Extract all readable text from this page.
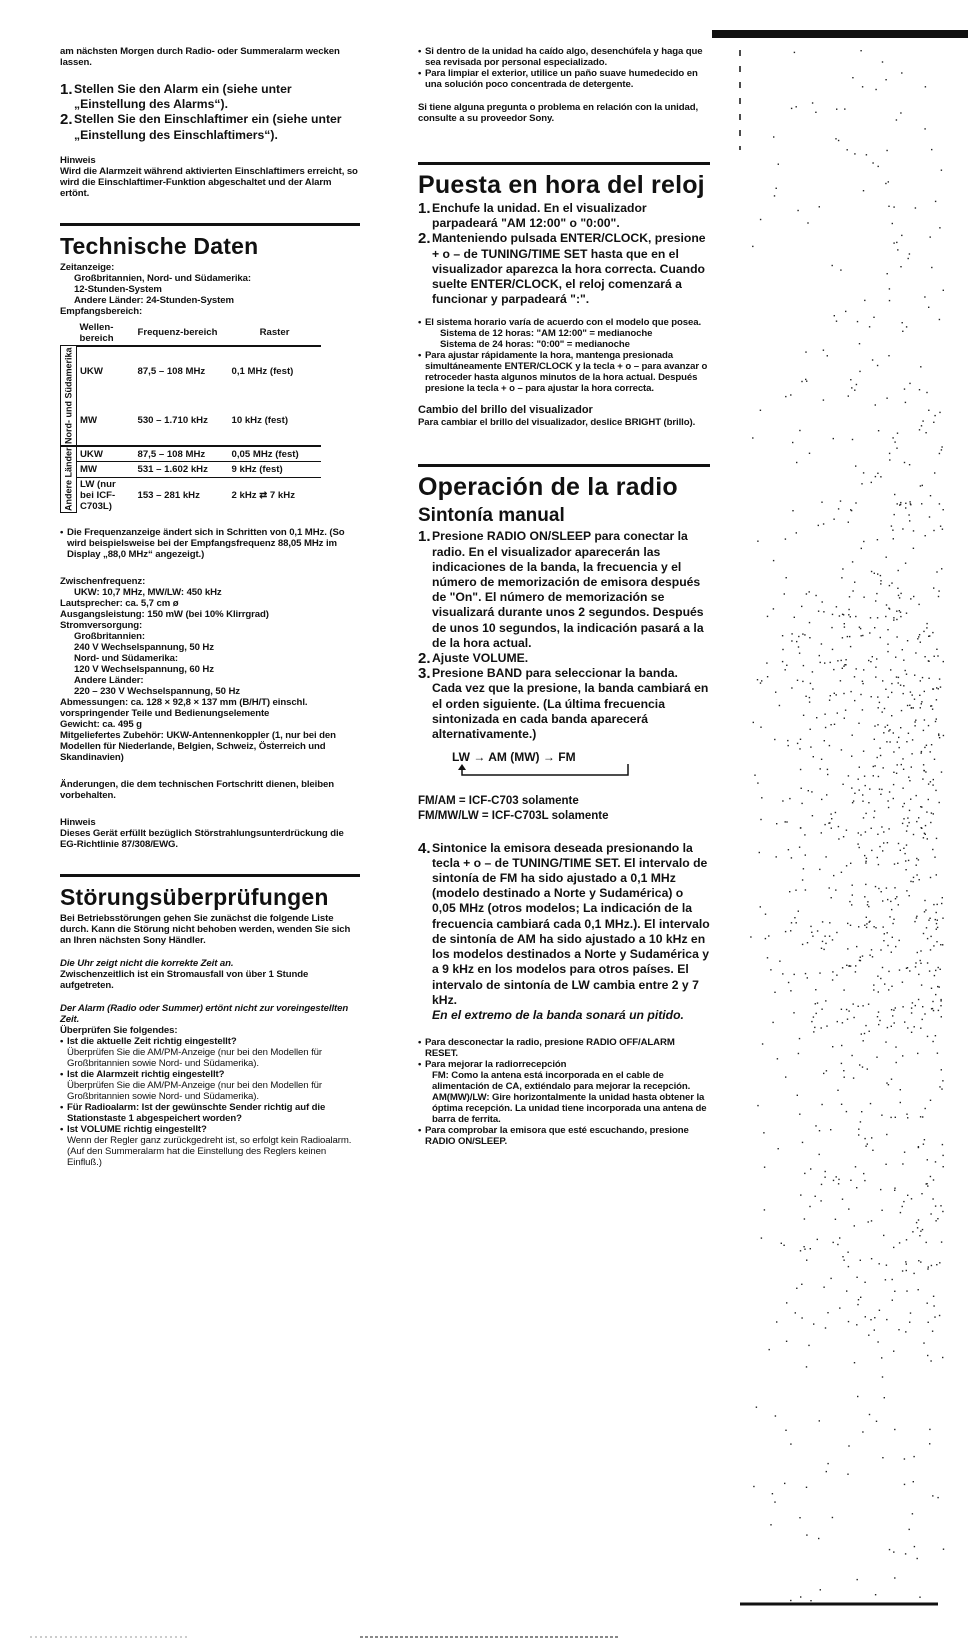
am nächsten Morgen durch Radio- oder Summeralarm wecken lassen.
1. Stellen Sie den Alarm ein (siehe unter „Einstellung des Alarms“).
2. Stellen Sie den Einschlaftimer ein (siehe unter „Einstellung des Einschlaftimers“).
Hinweis
Wird die Alarmzeit während aktivierten Einschlaftimers erreicht, so wird die Einschlaftimer-Funktion abgeschaltet und der Alarm ertönt.
Technische Daten
Zeitanzeige:
Großbritannien, Nord- und Südamerika:
12-Stunden-System
Andere Länder: 24-Stunden-System
Empfangsbereich:
	Wellen-bereich	Frequenz-bereich	Raster
Nord- und Südamerika	UKW	87,5 – 108 MHz	0,1 MHz (fest)
	MW	530 – 1.710 kHz	10 kHz (fest)
Andere Länder	UKW	87,5 – 108 MHz	0,05 MHz (fest)
	MW	531 – 1.602 kHz	9 kHz (fest)
	LW (nur bei ICF-C703L)	153 – 281 kHz	2 kHz ⇄ 7 kHz
• Die Frequenzanzeige ändert sich in Schritten von 0,1 MHz. (So wird beispielsweise bei der Empfangsfrequenz 88,05 MHz im Display „88,0 MHz“ angezeigt.)
Zwischenfrequenz:
UKW: 10,7 MHz, MW/LW: 450 kHz
Lautsprecher: ca. 5,7 cm ø
Ausgangsleistung: 150 mW (bei 10% Klirrgrad)
Stromversorgung:
Großbritannien:
240 V Wechselspannung, 50 Hz
Nord- und Südamerika:
120 V Wechselspannung, 60 Hz
Andere Länder:
220 – 230 V Wechselspannung, 50 Hz
Abmessungen: ca. 128 × 92,8 × 137 mm (B/H/T) einschl. vorspringender Teile und Bedienungselemente
Gewicht: ca. 495 g
Mitgeliefertes Zubehör: UKW-Antennenkoppler (1, nur bei den Modellen für Niederlande, Belgien, Schweiz, Österreich und Skandinavien)
Änderungen, die dem technischen Fortschritt dienen, bleiben vorbehalten.
Hinweis
Dieses Gerät erfüllt bezüglich Störstrahlungsunterdrückung die EG-Richtlinie 87/308/EWG.
Störungsüberprüfungen
Bei Betriebsstörungen gehen Sie zunächst die folgende Liste durch. Kann die Störung nicht behoben werden, wenden Sie sich an Ihren nächsten Sony Händler.
Die Uhr zeigt nicht die korrekte Zeit an.
Zwischenzeitlich ist ein Stromausfall von über 1 Stunde aufgetreten.
Der Alarm (Radio oder Summer) ertönt nicht zur voreingestellten Zeit.
Überprüfen Sie folgendes:
• Ist die aktuelle Zeit richtig eingestellt?
Überprüfen Sie die AM/PM-Anzeige (nur bei den Modellen für Großbritannien sowie Nord- und Südamerika).
• Ist die Alarmzeit richtig eingestellt?
Überprüfen Sie die AM/PM-Anzeige (nur bei den Modellen für Großbritannien sowie Nord- und Südamerika).
• Für Radioalarm: Ist der gewünschte Sender richtig auf die Stationstaste 1 abgespeichert worden?
• Ist VOLUME richtig eingestellt?
Wenn der Regler ganz zurückgedreht ist, so erfolgt kein Radioalarm. (Auf den Summeralarm hat die Einstellung des Reglers keinen Einfluß.)
• Si dentro de la unidad ha caído algo, desenchúfela y haga que sea revisada por personal especializado.
• Para limpiar el exterior, utilice un paño suave humedecido en una solución poco concentrada de detergente.
Si tiene alguna pregunta o problema en relación con la unidad, consulte a su proveedor Sony.
Puesta en hora del reloj
1. Enchufe la unidad. En el visualizador parpadeará "AM 12:00" o "0:00".
2. Manteniendo pulsada ENTER/CLOCK, presione + o – de TUNING/TIME SET hasta que en el visualizador aparezca la hora correcta. Cuando suelte ENTER/CLOCK, el reloj comenzará a funcionar y parpadeará ":".
• El sistema horario varía de acuerdo con el modelo que posea.
Sistema de 12 horas: "AM 12:00" = medianoche
Sistema de 24 horas: "0:00" = medianoche
• Para ajustar rápidamente la hora, mantenga presionada simultáneamente ENTER/CLOCK y la tecla + o – para avanzar o retroceder hasta algunos minutos de la hora actual. Después presione la tecla + o – para ajustar la hora correcta.
Cambio del brillo del visualizador
Para cambiar el brillo del visualizador, deslice BRIGHT (brillo).
Operación de la radio
Sintonía manual
1. Presione RADIO ON/SLEEP para conectar la radio. En el visualizador aparecerán las indicaciones de la banda, la frecuencia y el número de memorización de emisora después de "On". El número de memorización se visualizará durante unos 2 segundos. Después de unos 10 segundos, la indicación pasará a la de la hora actual.
2. Ajuste VOLUME.
3. Presione BAND para seleccionar la banda. Cada vez que la presione, la banda cambiará en el orden siguiente. (La última frecuencia sintonizada en cada banda aparecerá alternativamente.)
LW → AM (MW) → FM
FM/AM = ICF-C703 solamente
FM/MW/LW = ICF-C703L solamente
4. Sintonice la emisora deseada presionando la tecla + o – de TUNING/TIME SET. El intervalo de sintonía de FM ha sido ajustado a 0,1 MHz (modelo destinado a Norte y Sudamérica) o 0,05 MHz (otros modelos; La indicación de la frecuencia cambiará cada 0,1 MHz.). El intervalo de sintonía de AM ha sido ajustado a 10 kHz en los modelos destinados a Norte y Sudamérica y a 9 kHz en los modelos para otros países. El intervalo de sintonía de LW cambia entre 2 y 7 kHz.
En el extremo de la banda sonará un pitido.
• Para desconectar la radio, presione RADIO OFF/ALARM RESET.
• Para mejorar la radiorrecepción
FM: Como la antena está incorporada en el cable de alimentación de CA, extiéndalo para mejorar la recepción.
AM(MW)/LW: Gire horizontalmente la unidad hasta obtener la óptima recepción. La unidad tiene incorporada una antena de barra de ferrita.
• Para comprobar la emisora que esté escuchando, presione RADIO ON/SLEEP.
